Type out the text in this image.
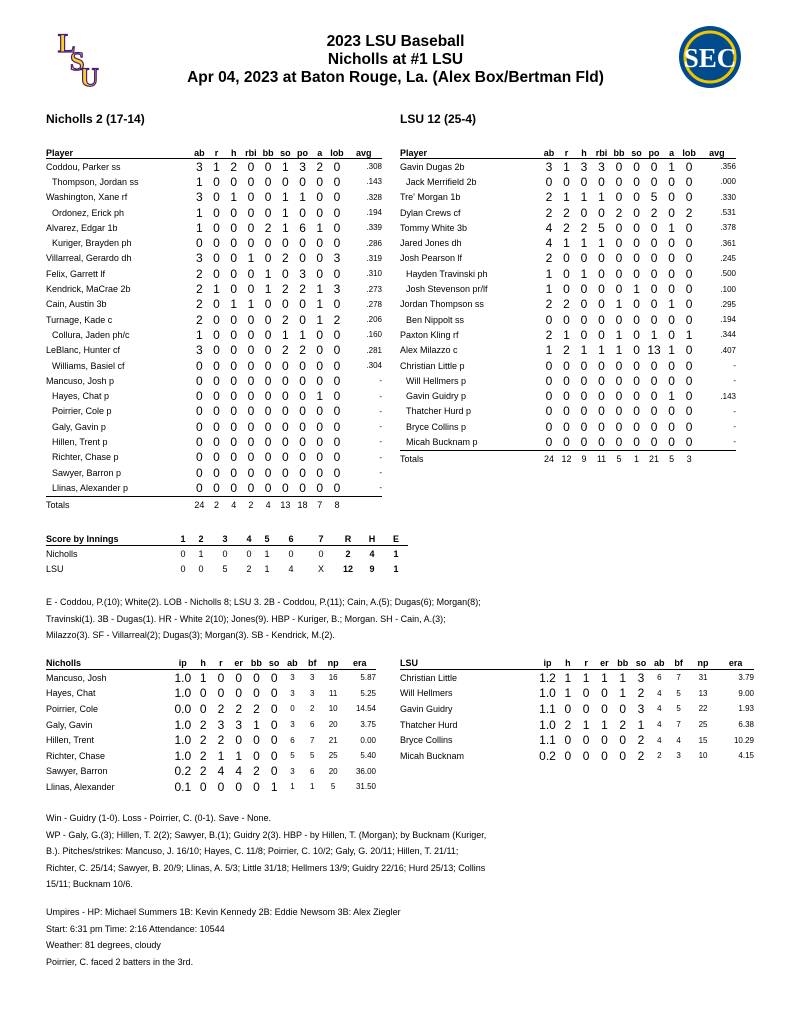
L
S
U
2023 LSU Baseball
Nicholls at #1 LSU
Apr 04, 2023 at Baton Rouge, La. (Alex Box/Bertman Fld)
SEC
Nicholls 2 (17-14)	LSU 12 (25-4)
Player	ab	r	h	rbi	bb	so	po	a	lob	avg
Coddou, Parker ss	3	1	2	0	0	1	3	2	0	.308
Thompson, Jordan ss	1	0	0	0	0	0	0	0	0	.143
Washington, Xane rf	3	0	1	0	0	1	1	0	0	.328
Ordonez, Erick ph	1	0	0	0	0	1	0	0	0	.194
Alvarez, Edgar 1b	1	0	0	0	2	1	6	1	0	.339
Kuriger, Brayden ph	0	0	0	0	0	0	0	0	0	.286
Villarreal, Gerardo dh	3	0	0	1	0	2	0	0	3	.319
Felix, Garrett lf	2	0	0	0	1	0	3	0	0	.310
Kendrick, MaCrae 2b	2	1	0	0	1	2	2	1	3	.273
Cain, Austin 3b	2	0	1	1	0	0	0	1	0	.278
Turnage, Kade c	2	0	0	0	0	2	0	1	2	.206
Collura, Jaden ph/c	1	0	0	0	0	1	1	0	0	.160
LeBlanc, Hunter cf	3	0	0	0	0	2	2	0	0	.281
Williams, Basiel cf	0	0	0	0	0	0	0	0	0	.304
Mancuso, Josh p	0	0	0	0	0	0	0	0	0	-
Hayes, Chat p	0	0	0	0	0	0	0	1	0	-
Poirrier, Cole p	0	0	0	0	0	0	0	0	0	-
Galy, Gavin p	0	0	0	0	0	0	0	0	0	-
Hillen, Trent p	0	0	0	0	0	0	0	0	0	-
Richter, Chase p	0	0	0	0	0	0	0	0	0	-
Sawyer, Barron p	0	0	0	0	0	0	0	0	0	-
Llinas, Alexander p	0	0	0	0	0	0	0	0	0	-
Totals	24	2	4	2	4	13	18	7	8	
Player	ab	r	h	rbi	bb	so	po	a	lob	avg
Gavin Dugas 2b	3	1	3	3	0	0	0	1	0	.356
Jack Merrifield 2b	0	0	0	0	0	0	0	0	0	.000
Tre' Morgan 1b	2	1	1	1	0	0	5	0	0	.330
Dylan Crews cf	2	2	0	0	2	0	2	0	2	.531
Tommy White 3b	4	2	2	5	0	0	0	1	0	.378
Jared Jones dh	4	1	1	1	0	0	0	0	0	.361
Josh Pearson lf	2	0	0	0	0	0	0	0	0	.245
Hayden Travinski ph	1	0	1	0	0	0	0	0	0	.500
Josh Stevenson pr/lf	1	0	0	0	0	1	0	0	0	.100
Jordan Thompson ss	2	2	0	0	1	0	0	1	0	.295
Ben Nippolt ss	0	0	0	0	0	0	0	0	0	.194
Paxton Kling rf	2	1	0	0	1	0	1	0	1	.344
Alex Milazzo c	1	2	1	1	1	0	13	1	0	.407
Christian Little p	0	0	0	0	0	0	0	0	0	-
Will Hellmers p	0	0	0	0	0	0	0	0	0	-
Gavin Guidry p	0	0	0	0	0	0	0	1	0	.143
Thatcher Hurd p	0	0	0	0	0	0	0	0	0	-
Bryce Collins p	0	0	0	0	0	0	0	0	0	-
Micah Bucknam p	0	0	0	0	0	0	0	0	0	-
Totals	24	12	9	11	5	1	21	5	3	
Score by Innings	1	2	3	4	5	6	7	R	H	E
Nicholls	0	1	0	0	1	0	0	2	4	1
LSU	0	0	5	2	1	4	X	12	9	1
E - Coddou, P.(10); White(2). LOB - Nicholls 8; LSU 3. 2B - Coddou, P.(11); Cain, A.(5); Dugas(6); Morgan(8);
Travinski(1). 3B - Dugas(1). HR - White 2(10); Jones(9). HBP - Kuriger, B.; Morgan. SH - Cain, A.(3);
Milazzo(3). SF - Villarreal(2); Dugas(3); Morgan(3). SB - Kendrick, M.(2).
Nicholls	ip	h	r	er	bb	so	ab	bf	np	era
Mancuso, Josh	1.0	1	0	0	0	0	3	3	16	5.87
Hayes, Chat	1.0	0	0	0	0	0	3	3	11	5.25
Poirrier, Cole	0.0	0	2	2	2	0	0	2	10	14.54
Galy, Gavin	1.0	2	3	3	1	0	3	6	20	3.75
Hillen, Trent	1.0	2	2	0	0	0	6	7	21	0.00
Richter, Chase	1.0	2	1	1	0	0	5	5	25	5.40
Sawyer, Barron	0.2	2	4	4	2	0	3	6	20	36.00
Llinas, Alexander	0.1	0	0	0	0	1	1	1	5	31.50
LSU	ip	h	r	er	bb	so	ab	bf	np	era
Christian Little	1.2	1	1	1	1	3	6	7	31	3.79
Will Hellmers	1.0	1	0	0	1	2	4	5	13	9.00
Gavin Guidry	1.1	0	0	0	0	3	4	5	22	1.93
Thatcher Hurd	1.0	2	1	1	2	1	4	7	25	6.38
Bryce Collins	1.1	0	0	0	0	2	4	4	15	10.29
Micah Bucknam	0.2	0	0	0	0	2	2	3	10	4.15
Win - Guidry (1-0). Loss - Poirrier, C. (0-1). Save - None.
WP - Galy, G.(3); Hillen, T. 2(2); Sawyer, B.(1); Guidry 2(3). HBP - by Hillen, T. (Morgan); by Bucknam (Kuriger,
B.). Pitches/strikes: Mancuso, J. 16/10; Hayes, C. 11/8; Poirrier, C. 10/2; Galy, G. 20/11; Hillen, T. 21/11;
Richter, C. 25/14; Sawyer, B. 20/9; Llinas, A. 5/3; Little 31/18; Hellmers 13/9; Guidry 22/16; Hurd 25/13; Collins
15/11; Bucknam 10/6.
Umpires - HP: Michael Summers 1B: Kevin Kennedy 2B: Eddie Newsom 3B: Alex Ziegler
Start: 6:31 pm Time: 2:16 Attendance: 10544
Weather: 81 degrees, cloudy
Poirrier, C. faced 2 batters in the 3rd.
